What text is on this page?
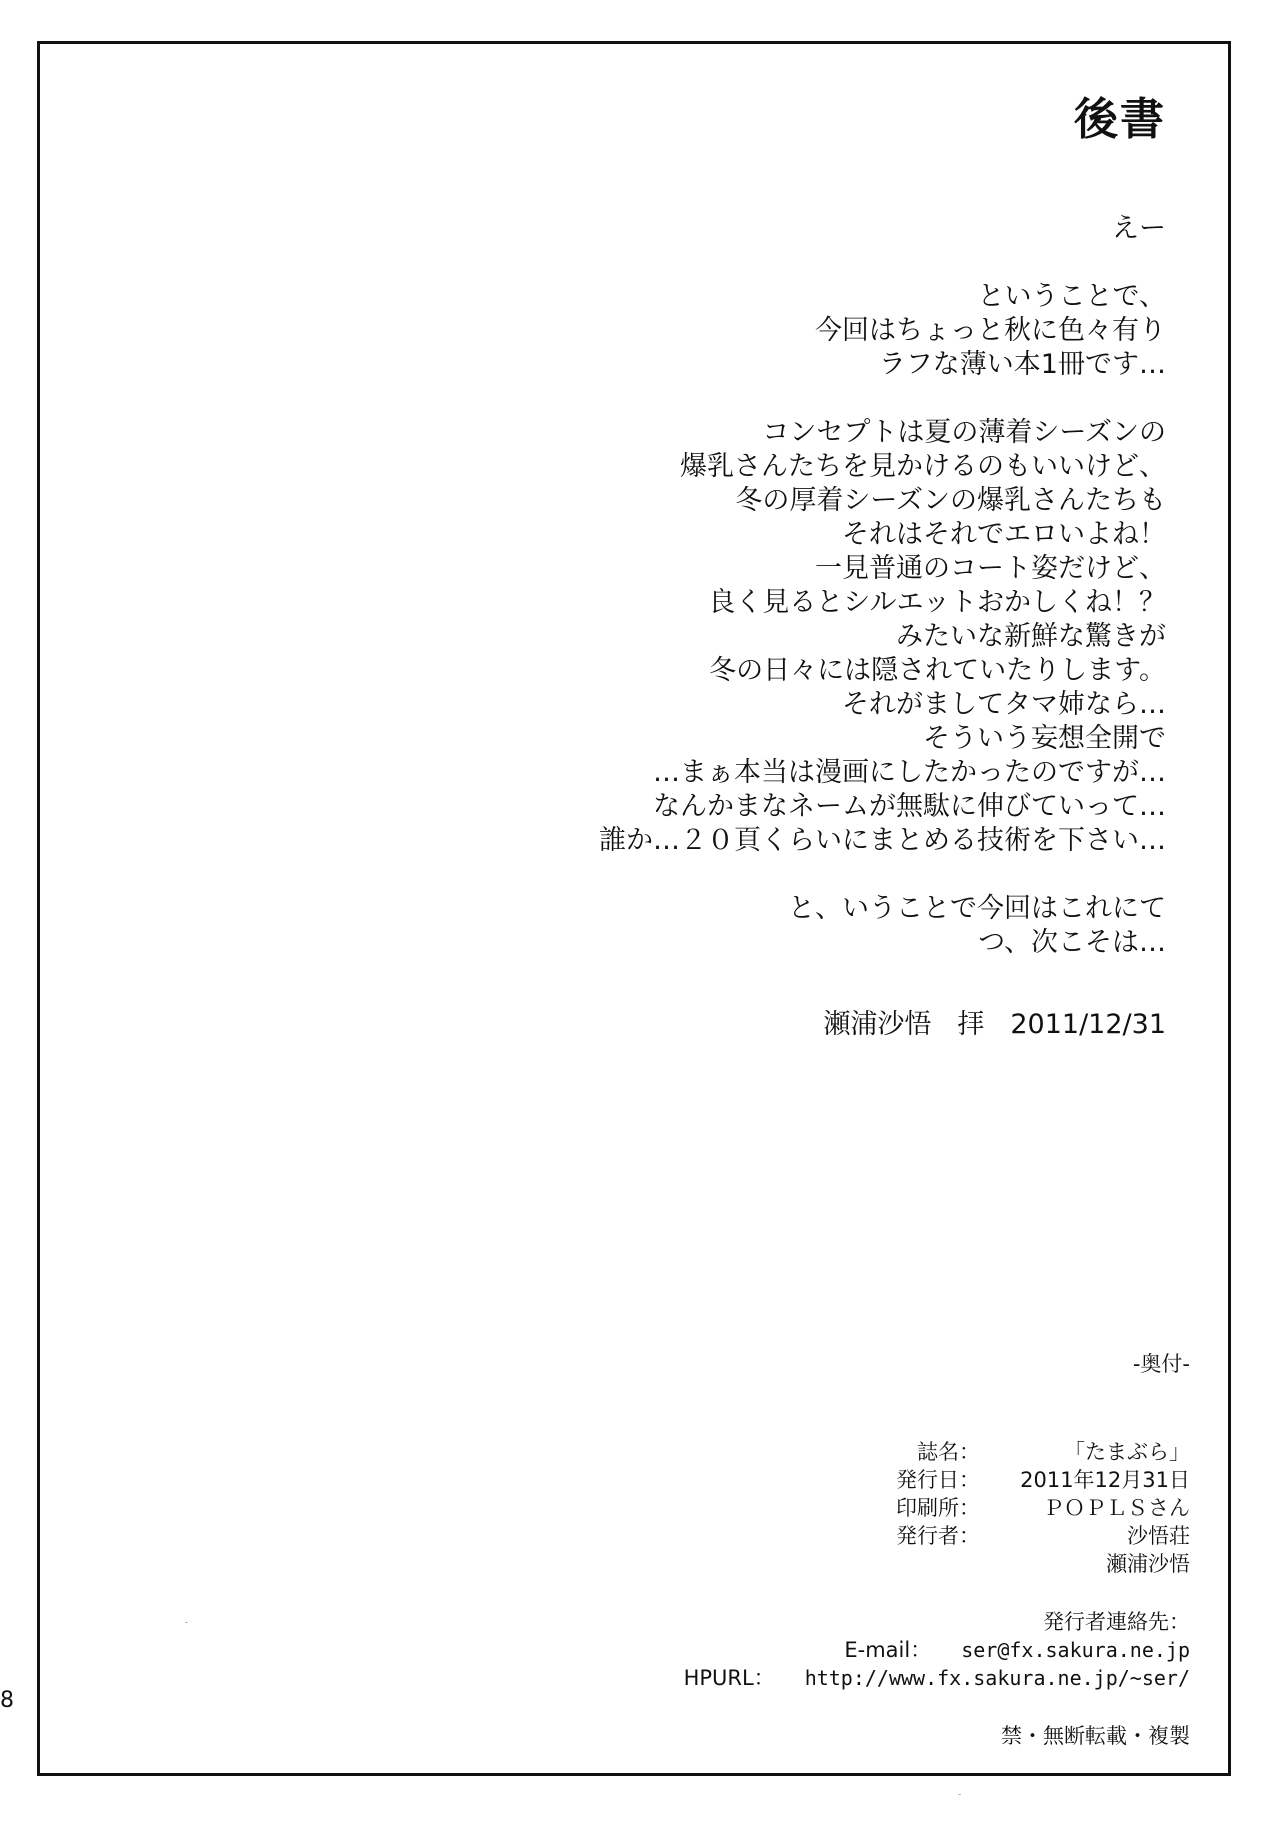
8
後書
えー
ということで、
今回はちょっと秋に色々有り
ラフな薄い本1冊です…
コンセプトは夏の薄着シーズンの
爆乳さんたちを見かけるのもいいけど、
冬の厚着シーズンの爆乳さんたちも
それはそれでエロいよね！
一見普通のコート姿だけど、
良く見るとシルエットおかしくね！？
みたいな新鮮な驚きが
冬の日々には隠されていたりします。
それがましてタマ姉なら…
そういう妄想全開で
…まぁ本当は漫画にしたかったのですが…
なんかまなネームが無駄に伸びていって…
誰か…２０頁くらいにまとめる技術を下さい…
と、いうことで今回はこれにて
つ、次こそは…
瀬浦沙悟 拝 2011/12/31
-奥付-
誌名：	「たまぶら」
発行日： 2011年12月31日
印刷所：	ＰＯＰＬＳさん
発行者：	沙悟荘
瀬浦沙悟
発行者連絡先：
E-mail： ser@fx.sakura.ne.jp
HPURL： http://www.fx.sakura.ne.jp/~ser/
禁・無断転載・複製
